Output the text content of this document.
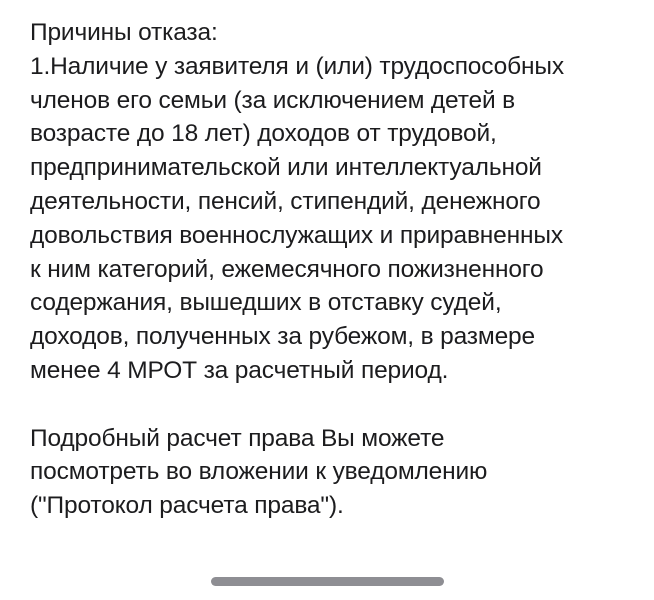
Причины отказа:
1.Наличие у заявителя и (или) трудоспособных
членов его семьи (за исключением детей в
возрасте до 18 лет) доходов от трудовой,
предпринимательской или интеллектуальной
деятельности, пенсий, стипендий, денежного
довольствия военнослужащих и приравненных
к ним категорий, ежемесячного пожизненного
содержания, вышедших в отставку судей,
доходов, полученных за рубежом, в размере
менее 4 МРОТ за расчетный период.
Подробный расчет права Вы можете
посмотреть во вложении к уведомлению
("Протокол расчета права").
